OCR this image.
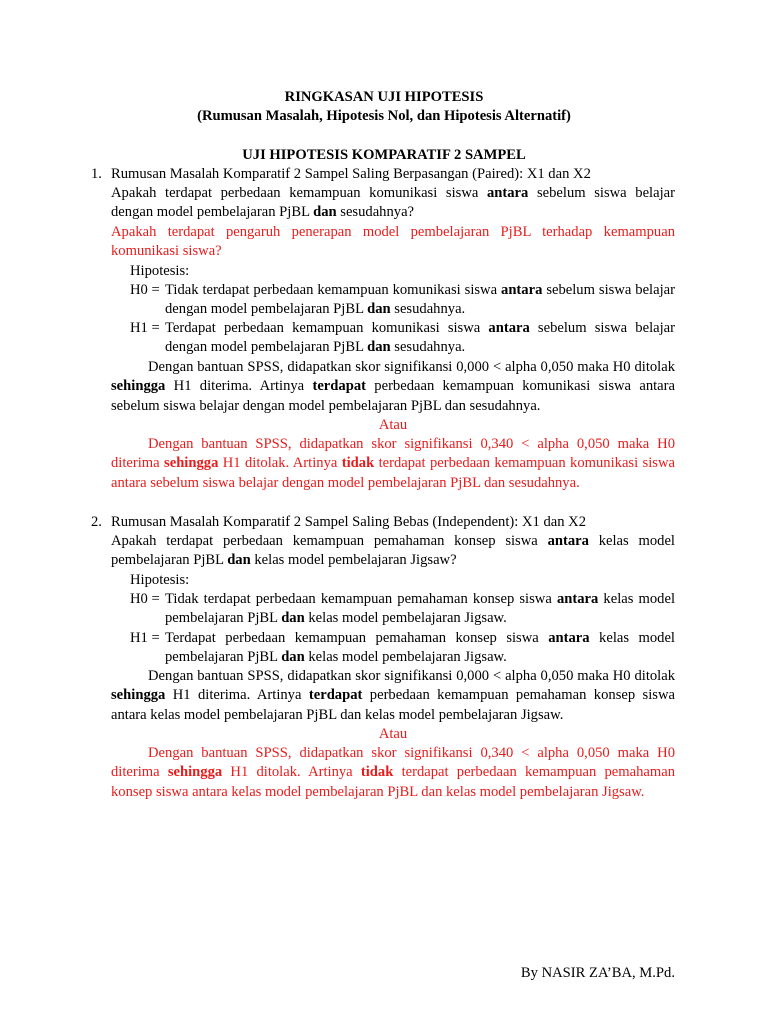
RINGKASAN UJI HIPOTESIS
(Rumusan Masalah, Hipotesis Nol, dan Hipotesis Alternatif)
UJI HIPOTESIS KOMPARATIF 2 SAMPEL
1. Rumusan Masalah Komparatif 2 Sampel Saling Berpasangan (Paired): X1 dan X2
Apakah terdapat perbedaan kemampuan komunikasi siswa antara sebelum siswa belajar dengan model pembelajaran PjBL dan sesudahnya?
Apakah terdapat pengaruh penerapan model pembelajaran PjBL terhadap kemampuan komunikasi siswa?
Hipotesis:
H0 = Tidak terdapat perbedaan kemampuan komunikasi siswa antara sebelum siswa belajar dengan model pembelajaran PjBL dan sesudahnya.
H1 = Terdapat perbedaan kemampuan komunikasi siswa antara sebelum siswa belajar dengan model pembelajaran PjBL dan sesudahnya.
Dengan bantuan SPSS, didapatkan skor signifikansi 0,000 < alpha 0,050 maka H0 ditolak sehingga H1 diterima. Artinya terdapat perbedaan kemampuan komunikasi siswa antara sebelum siswa belajar dengan model pembelajaran PjBL dan sesudahnya.
Atau
Dengan bantuan SPSS, didapatkan skor signifikansi 0,340 < alpha 0,050 maka H0 diterima sehingga H1 ditolak. Artinya tidak terdapat perbedaan kemampuan komunikasi siswa antara sebelum siswa belajar dengan model pembelajaran PjBL dan sesudahnya.
2. Rumusan Masalah Komparatif 2 Sampel Saling Bebas (Independent): X1 dan X2
Apakah terdapat perbedaan kemampuan pemahaman konsep siswa antara kelas model pembelajaran PjBL dan kelas model pembelajaran Jigsaw?
Hipotesis:
H0 = Tidak terdapat perbedaan kemampuan pemahaman konsep siswa antara kelas model pembelajaran PjBL dan kelas model pembelajaran Jigsaw.
H1 = Terdapat perbedaan kemampuan pemahaman konsep siswa antara kelas model pembelajaran PjBL dan kelas model pembelajaran Jigsaw.
Dengan bantuan SPSS, didapatkan skor signifikansi 0,000 < alpha 0,050 maka H0 ditolak sehingga H1 diterima. Artinya terdapat perbedaan kemampuan pemahaman konsep siswa antara kelas model pembelajaran PjBL dan kelas model pembelajaran Jigsaw.
Atau
Dengan bantuan SPSS, didapatkan skor signifikansi 0,340 < alpha 0,050 maka H0 diterima sehingga H1 ditolak. Artinya tidak terdapat perbedaan kemampuan pemahaman konsep siswa antara kelas model pembelajaran PjBL dan kelas model pembelajaran Jigsaw.
By NASIR ZA’BA, M.Pd.
